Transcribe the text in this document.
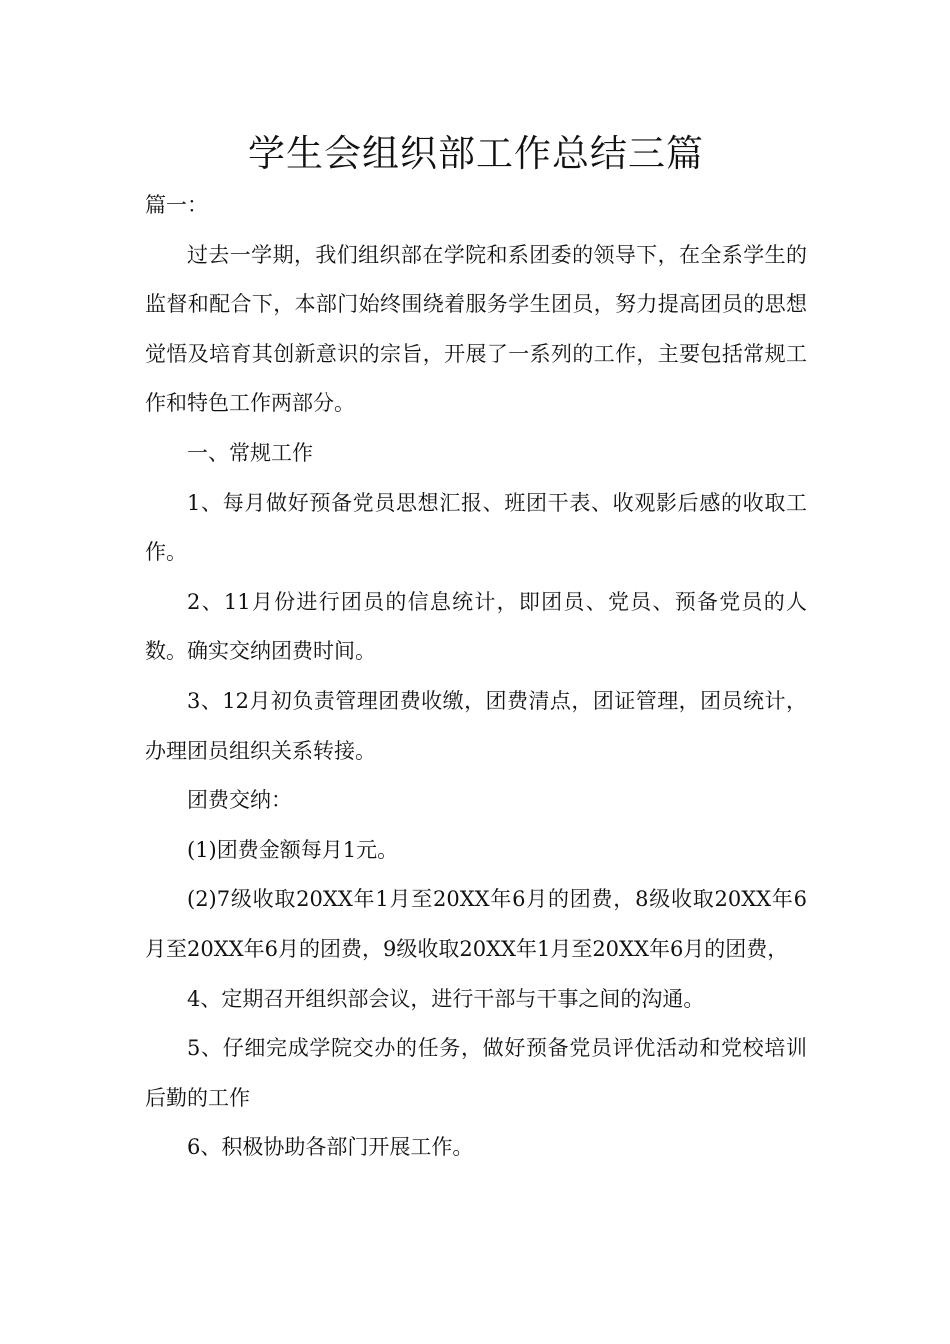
学生会组织部工作总结三篇

篇一：

过去一学期，我们组织部在学院和系团委的领导下，在全系学生的监督和配合下，本部门始终围绕着服务学生团员，努力提高团员的思想觉悟及培育其创新意识的宗旨，开展了一系列的工作，主要包括常规工作和特色工作两部分。

一、常规工作

1、每月做好预备党员思想汇报、班团干表、收观影后感的收取工作。

2、11月份进行团员的信息统计，即团员、党员、预备党员的人数。确实交纳团费时间。

3、12月初负责管理团费收缴，团费清点，团证管理，团员统计，办理团员组织关系转接。

团费交纳：

(1)团费金额每月1元。

(2)7级收取20XX年1月至20XX年6月的团费，8级收取20XX年6月至20XX年6月的团费，9级收取20XX年1月至20XX年6月的团费，

4、定期召开组织部会议，进行干部与干事之间的沟通。

5、仔细完成学院交办的任务，做好预备党员评优活动和党校培训后勤的工作

6、积极协助各部门开展工作。
